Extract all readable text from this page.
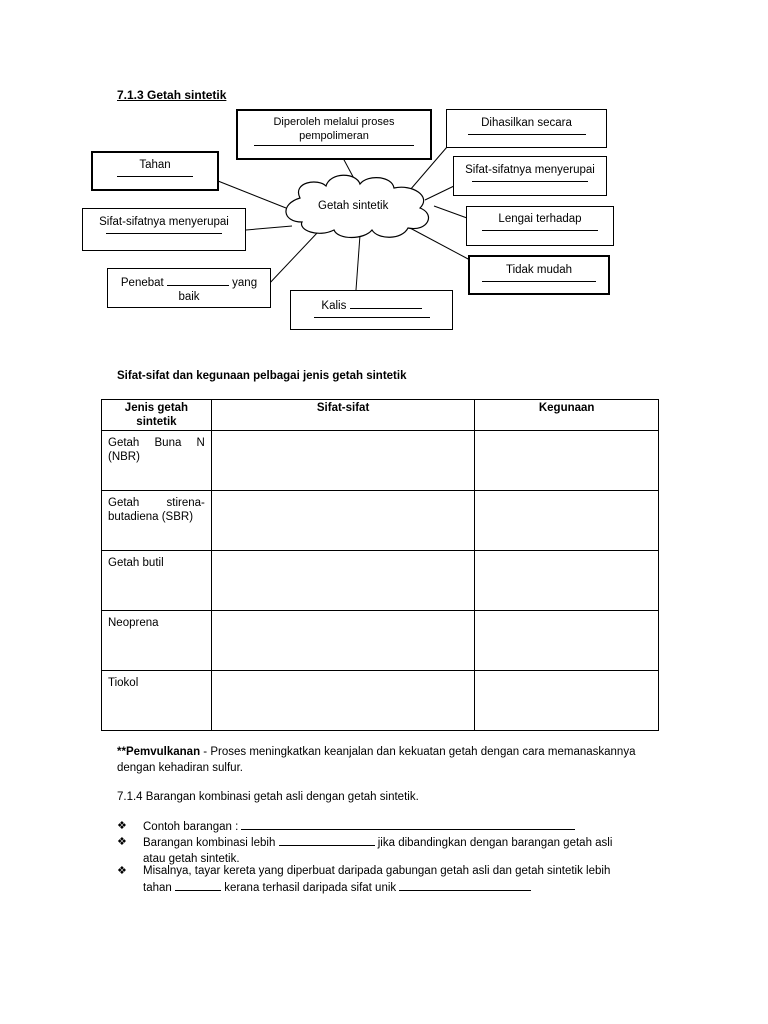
7.1.3 Getah sintetik
Getah sintetik
Diperoleh melalui proses pempolimeran
Dihasilkan secara
Tahan	Sifat-sifatnya menyerupai
Sifat-sifatnya menyerupai	Lengai terhadap
Penebat	yang
baik
Tidak mudah
Kalis
Sifat-sifat dan kegunaan pelbagai jenis getah sintetik
Jenis getah sintetik	Sifat-sifat	Kegunaan

Getah Buna N
(NBR)		

Getah stirena-
butadiena (SBR)		

Getah butil		

Neoprena		

Tiokol		

**Pemvulkanan - Proses meningkatkan keanjalan dan kekuatan getah dengan cara memanaskannya dengan kehadiran sulfur.
7.1.4 Barangan kombinasi getah asli dengan getah sintetik.
❖ Contoh barangan :
❖ Barangan kombinasi lebih	jika dibandingkan dengan barangan getah asli
atau getah sintetik.
❖ Misalnya, tayar kereta yang diperbuat daripada gabungan getah asli dan getah sintetik lebih
tahan	kerana terhasil daripada sifat unik
